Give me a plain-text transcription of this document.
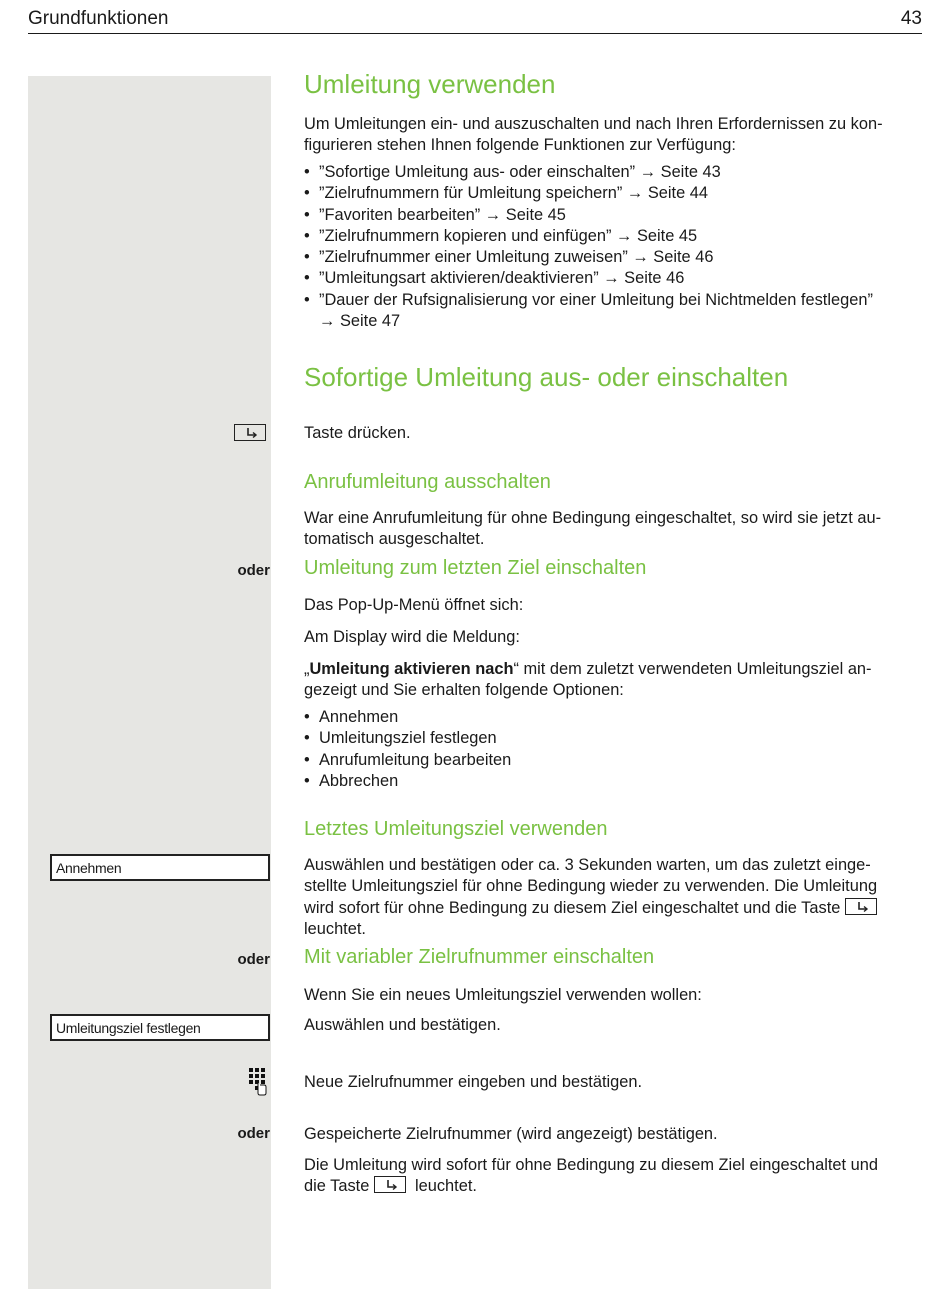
Grundfunktionen	43
Umleitung verwenden
Um Umleitungen ein- und auszuschalten und nach Ihren Erfordernissen zu kon-
figurieren stehen Ihnen folgende Funktionen zur Verfügung:
• ”Sofortige Umleitung aus- oder einschalten” → Seite 43
• ”Zielrufnummern für Umleitung speichern” → Seite 44
• ”Favoriten bearbeiten” → Seite 45
• ”Zielrufnummern kopieren und einfügen” → Seite 45
• ”Zielrufnummer einer Umleitung zuweisen” → Seite 46
• ”Umleitungsart aktivieren/deaktivieren” → Seite 46
• ”Dauer der Rufsignalisierung vor einer Umleitung bei Nichtmelden festlegen”
→ Seite 47
Sofortige Umleitung aus- oder einschalten
Taste drücken.
Anrufumleitung ausschalten
War eine Anrufumleitung für ohne Bedingung eingeschaltet, so wird sie jetzt au-
tomatisch ausgeschaltet.
oder Umleitung zum letzten Ziel einschalten
Das Pop-Up-Menü öffnet sich:
Am Display wird die Meldung:
„Umleitung aktivieren nach“ mit dem zuletzt verwendeten Umleitungsziel an-
gezeigt und Sie erhalten folgende Optionen:
• Annehmen
• Umleitungsziel festlegen
• Anrufumleitung bearbeiten
• Abbrechen
Letztes Umleitungsziel verwenden
Annehmen	Auswählen und bestätigen oder ca. 3 Sekunden warten, um das zuletzt einge-
stellte Umleitungsziel für ohne Bedingung wieder zu verwenden. Die Umleitung
wird sofort für ohne Bedingung zu diesem Ziel eingeschaltet und die Taste
leuchtet.
oder Mit variabler Zielrufnummer einschalten
Wenn Sie ein neues Umleitungsziel verwenden wollen:
Umleitungsziel festlegen	Auswählen und bestätigen.
Neue Zielrufnummer eingeben und bestätigen.
oder Gespeicherte Zielrufnummer (wird angezeigt) bestätigen.
Die Umleitung wird sofort für ohne Bedingung zu diesem Ziel eingeschaltet und
die Taste	leuchtet.
